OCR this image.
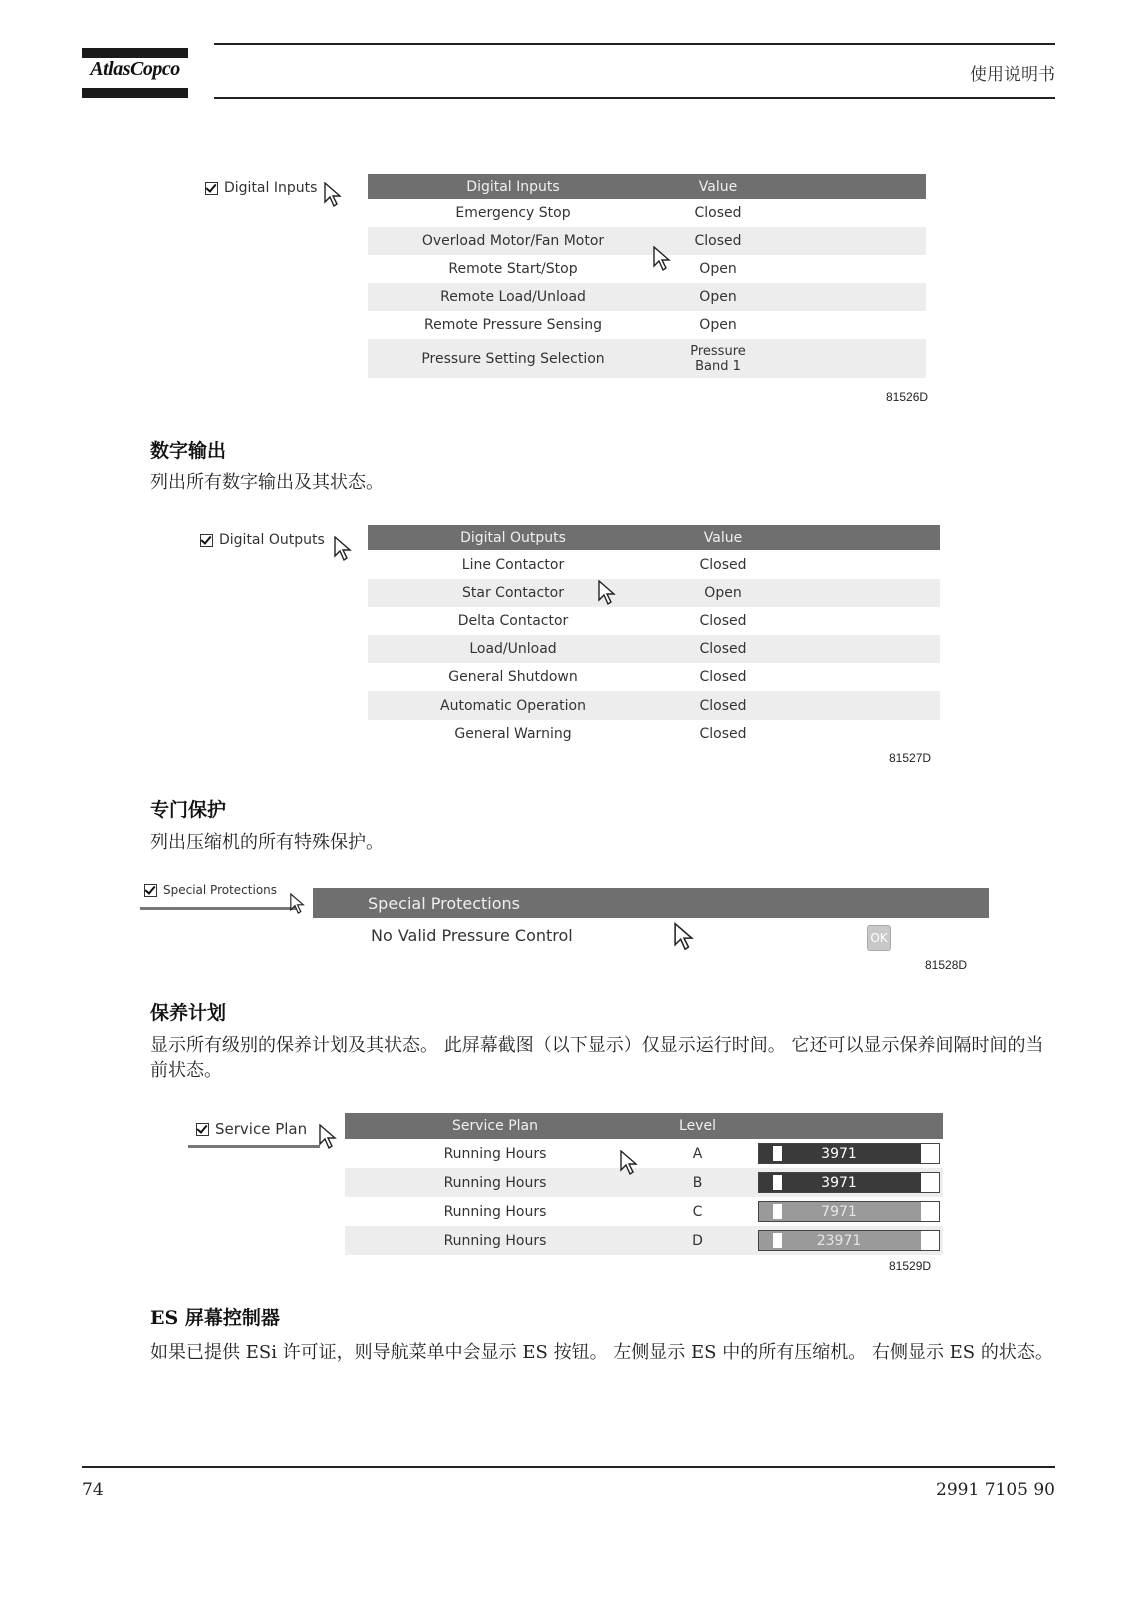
AtlasCopco	使用说明书
Digital Inputs	Digital Inputs	Value
Emergency Stop	Closed
Overload Motor/Fan Motor	Closed
Remote Start/Stop	Open
Remote Load/Unload	Open
Remote Pressure Sensing	Open
Pressure Setting Selection	Pressure
Band 1
81526D
数字输出
列出所有数字输出及其状态。
Digital Outputs	Digital Outputs	Value
Line Contactor	Closed
Star Contactor	Open
Delta Contactor	Closed
Load/Unload	Closed
General Shutdown	Closed
Automatic Operation	Closed
General Warning	Closed
81527D
专门保护
列出压缩机的所有特殊保护。
Special Protections
Special Protections
No Valid Pressure Control	OK
81528D
保养计划
显示所有级别的保养计划及其状态。 此屏幕截图（以下显示）仅显示运行时间。 它还可以显示保养间隔时间的当前状态。
Service Plan	Service Plan	Level
Running Hours	A	3971
Running Hours	B	3971
Running Hours	C	7971
Running Hours	D	23971
81529D
ES 屏幕控制器
如果已提供 ESi 许可证，则导航菜单中会显示 ES 按钮。 左侧显示 ES 中的所有压缩机。 右侧显示 ES 的状态。
74	2991 7105 90
